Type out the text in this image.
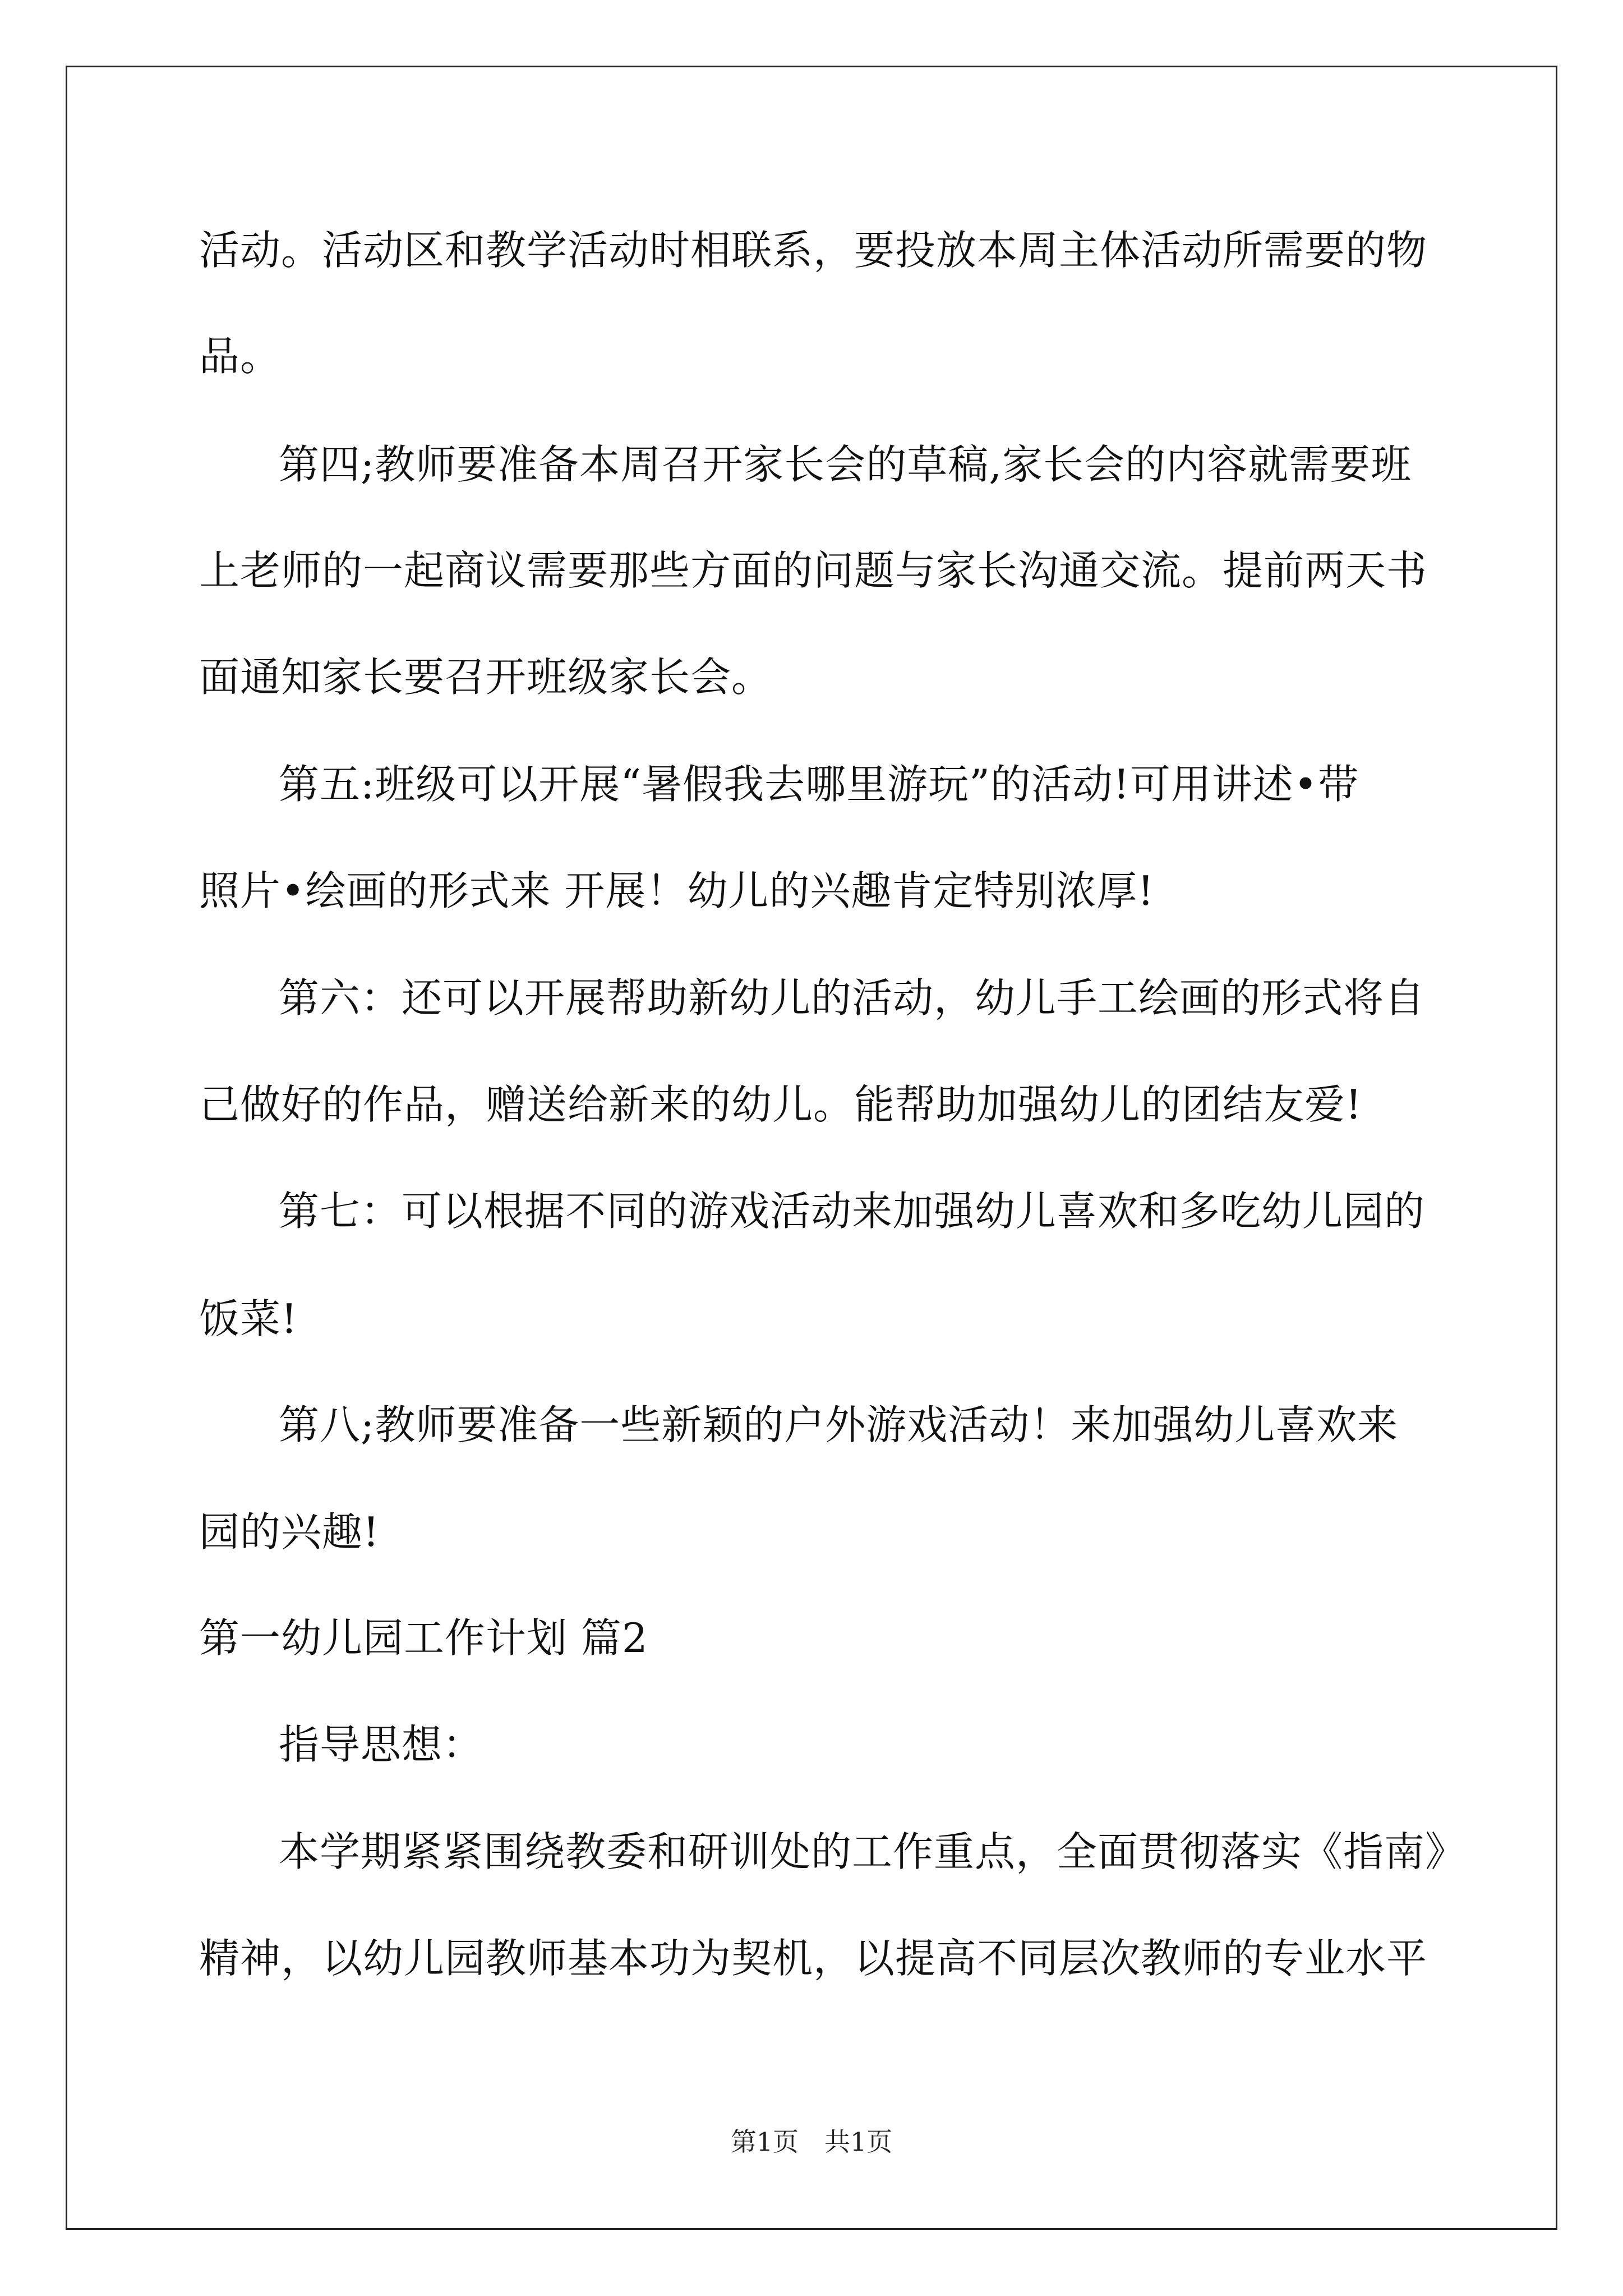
活动。活动区和教学活动时相联系，要投放本周主体活动所需要的物
品。
第四;教师要准备本周召开家长会的草稿,家长会的内容就需要班
上老师的一起商议需要那些方面的问题与家长沟通交流。提前两天书
面通知家长要召开班级家长会。
第五:班级可以开展“暑假我去哪里游玩”的活动!可用讲述•带
照片•绘画的形式来 开展！幼儿的兴趣肯定特别浓厚!
第六：还可以开展帮助新幼儿的活动，幼儿手工绘画的形式将自
己做好的作品，赠送给新来的幼儿。能帮助加强幼儿的团结友爱!
第七：可以根据不同的游戏活动来加强幼儿喜欢和多吃幼儿园的
饭菜!
第八;教师要准备一些新颖的户外游戏活动！来加强幼儿喜欢来
园的兴趣!
第一幼儿园工作计划 篇2
指导思想：
本学期紧紧围绕教委和研训处的工作重点，全面贯彻落实《指南》
精神，以幼儿园教师基本功为契机，以提高不同层次教师的专业水平
第1页　共1页
